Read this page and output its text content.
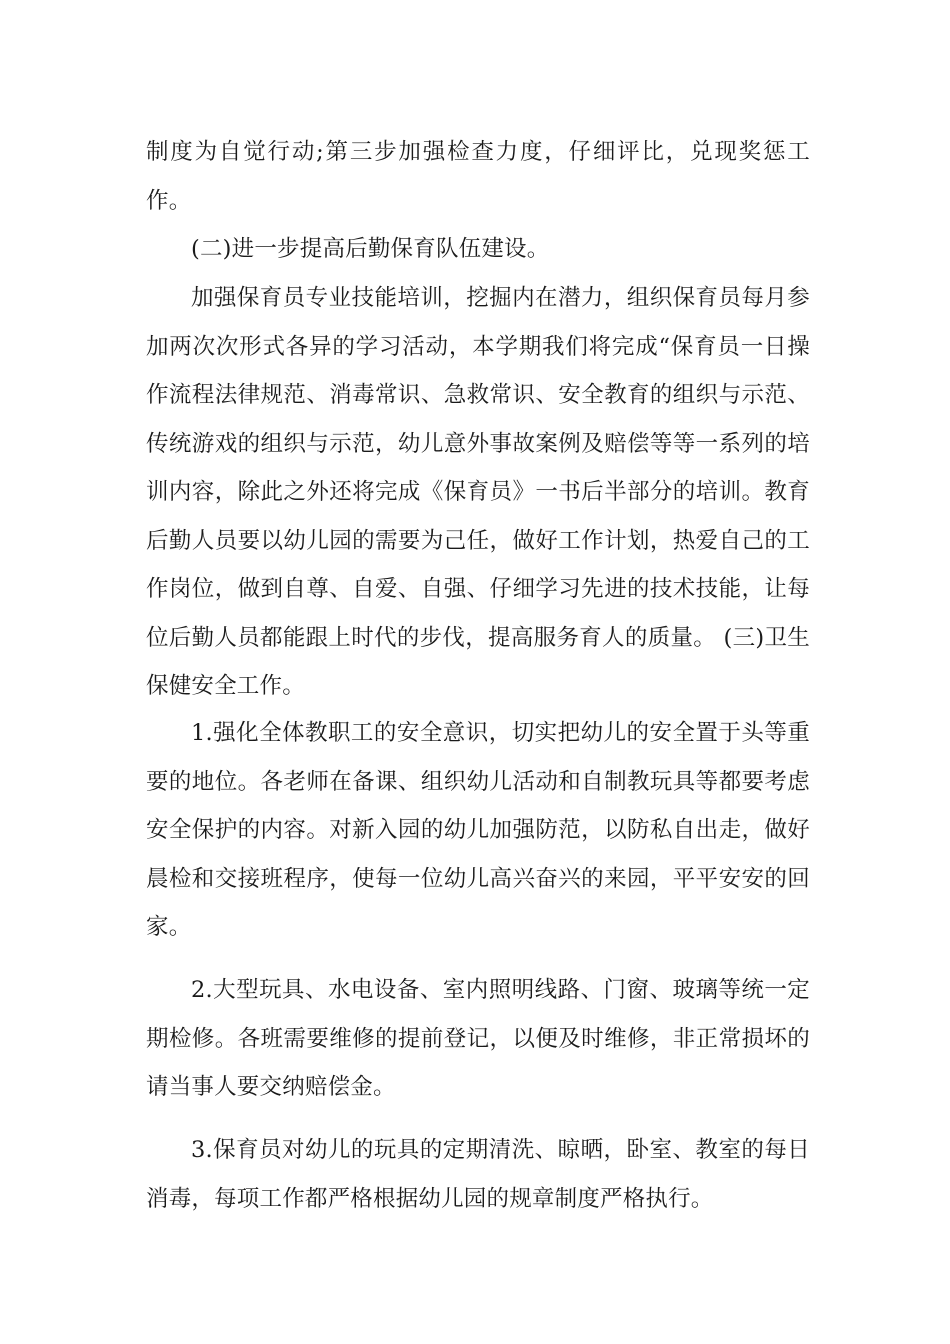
制度为自觉行动;第三步加强检查力度，仔细评比，兑现奖惩工作。

(二)进一步提高后勤保育队伍建设。

加强保育员专业技能培训，挖掘内在潜力，组织保育员每月参加两次次形式各异的学习活动，本学期我们将完成“保育员一日操作流程法律规范、消毒常识、急救常识、安全教育的组织与示范、传统游戏的组织与示范，幼儿意外事故案例及赔偿等等一系列的培训内容，除此之外还将完成《保育员》一书后半部分的培训。教育后勤人员要以幼儿园的需要为己任，做好工作计划，热爱自己的工作岗位，做到自尊、自爱、自强、仔细学习先进的技术技能，让每位后勤人员都能跟上时代的步伐，提高服务育人的质量。 (三)卫生保健安全工作。

1.强化全体教职工的安全意识，切实把幼儿的安全置于头等重要的地位。各老师在备课、组织幼儿活动和自制教玩具等都要考虑安全保护的内容。对新入园的幼儿加强防范，以防私自出走，做好晨检和交接班程序，使每一位幼儿高兴奋兴的来园，平平安安的回家。

2.大型玩具、水电设备、室内照明线路、门窗、玻璃等统一定期检修。各班需要维修的提前登记，以便及时维修，非正常损坏的请当事人要交纳赔偿金。

3.保育员对幼儿的玩具的定期清洗、晾晒，卧室、教室的每日消毒，每项工作都严格根据幼儿园的规章制度严格执行。
